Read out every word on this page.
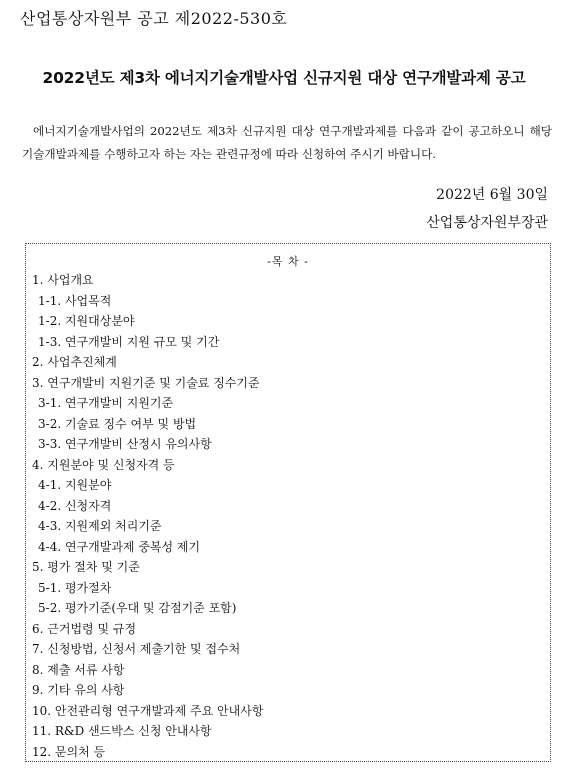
산업통상자원부 공고 제2022-530호
2022년도 제3차 에너지기술개발사업 신규지원 대상 연구개발과제 공고
에너지기술개발사업의 2022년도 제3차 신규지원 대상 연구개발과제를 다음과 같이 공고하오니 해당 기술개발과제를 수행하고자 하는 자는 관련규정에 따라 신청하여 주시기 바랍니다.
2022년 6월 30일
산업통상자원부장관
-목 차 -
1. 사업개요
1-1. 사업목적
1-2. 지원대상분야
1-3. 연구개발비 지원 규모 및 기간
2. 사업추진체계
3. 연구개발비 지원기준 및 기술료 징수기준
3-1. 연구개발비 지원기준
3-2. 기술료 징수 여부 및 방법
3-3. 연구개발비 산정시 유의사항
4. 지원분야 및 신청자격 등
4-1. 지원분야
4-2. 신청자격
4-3. 지원제외 처리기준
4-4. 연구개발과제 중복성 제기
5. 평가 절차 및 기준
5-1. 평가절차
5-2. 평가기준(우대 및 감점기준 포함)
6. 근거법령 및 규정
7. 신청방법, 신청서 제출기한 및 접수처
8. 제출 서류 사항
9. 기타 유의 사항
10. 안전관리형 연구개발과제 주요 안내사항
11. R&D 샌드박스 신청 안내사항
12. 문의처 등
